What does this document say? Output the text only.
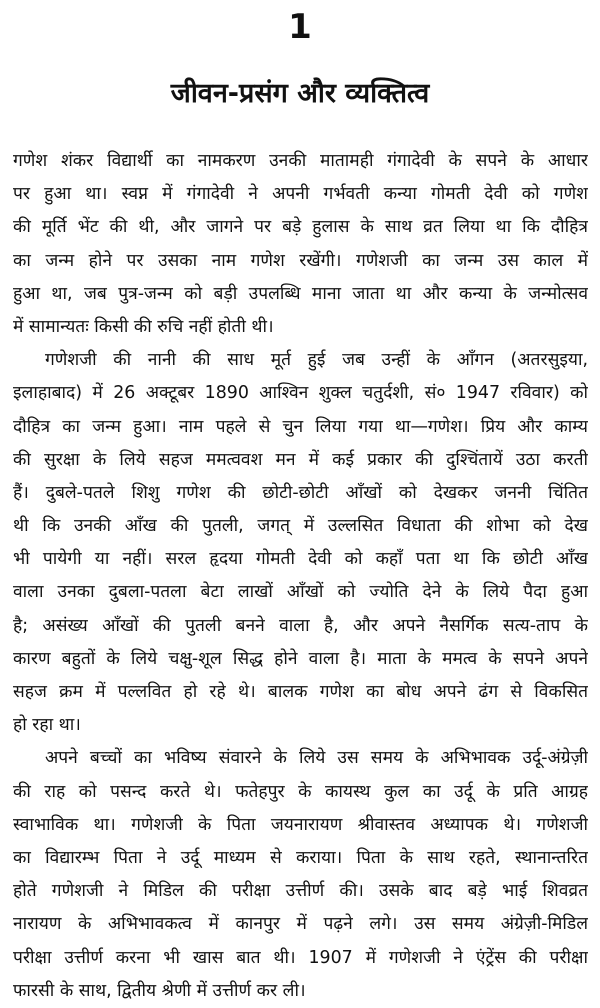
1
जीवन-प्रसंग और व्यक्तित्व
गणेश शंकर विद्यार्थी का नामकरण उनकी मातामही गंगादेवी के सपने के आधार
पर हुआ था। स्वप्न में गंगादेवी ने अपनी गर्भवती कन्या गोमती देवी को गणेश
की मूर्ति भेंट की थी, और जागने पर बड़े हुलास के साथ व्रत लिया था कि दौहित्र
का जन्म होने पर उसका नाम गणेश रखेंगी। गणेशजी का जन्म उस काल में
हुआ था, जब पुत्र-जन्म को बड़ी उपलब्धि माना जाता था और कन्या के जन्मोत्सव
में सामान्यतः किसी की रुचि नहीं होती थी।
गणेशजी की नानी की साध मूर्त हुई जब उन्हीं के आँगन (अतरसुइया,
इलाहाबाद) में 26 अक्टूबर 1890 आश्विन शुक्ल चतुर्दशी, सं० 1947 रविवार) को
दौहित्र का जन्म हुआ। नाम पहले से चुन लिया गया था—गणेश। प्रिय और काम्य
की सुरक्षा के लिये सहज ममत्ववश मन में कई प्रकार की दुश्चिंतायें उठा करती
हैं। दुबले-पतले शिशु गणेश की छोटी-छोटी आँखों को देखकर जननी चिंतित
थी कि उनकी आँख की पुतली, जगत् में उल्लसित विधाता की शोभा को देख
भी पायेगी या नहीं। सरल हृदया गोमती देवी को कहाँ पता था कि छोटी आँख
वाला उनका दुबला-पतला बेटा लाखों आँखों को ज्योति देने के लिये पैदा हुआ
है; असंख्य आँखों की पुतली बनने वाला है, और अपने नैसर्गिक सत्य-ताप के
कारण बहुतों के लिये चक्षु-शूल सिद्ध होने वाला है। माता के ममत्व के सपने अपने
सहज क्रम में पल्लवित हो रहे थे। बालक गणेश का बोध अपने ढंग से विकसित
हो रहा था।
अपने बच्चों का भविष्य संवारने के लिये उस समय के अभिभावक उर्दू-अंग्रेज़ी
की राह को पसन्द करते थे। फतेहपुर के कायस्थ कुल का उर्दू के प्रति आग्रह
स्वाभाविक था। गणेशजी के पिता जयनारायण श्रीवास्तव अध्यापक थे। गणेशजी
का विद्यारम्भ पिता ने उर्दू माध्यम से कराया। पिता के साथ रहते, स्थानान्तरित
होते गणेशजी ने मिडिल की परीक्षा उत्तीर्ण की। उसके बाद बड़े भाई शिवव्रत
नारायण के अभिभावकत्व में कानपुर में पढ़ने लगे। उस समय अंग्रेज़ी-मिडिल
परीक्षा उत्तीर्ण करना भी खास बात थी। 1907 में गणेशजी ने एंट्रेंस की परीक्षा
फारसी के साथ, द्वितीय श्रेणी में उत्तीर्ण कर ली।
